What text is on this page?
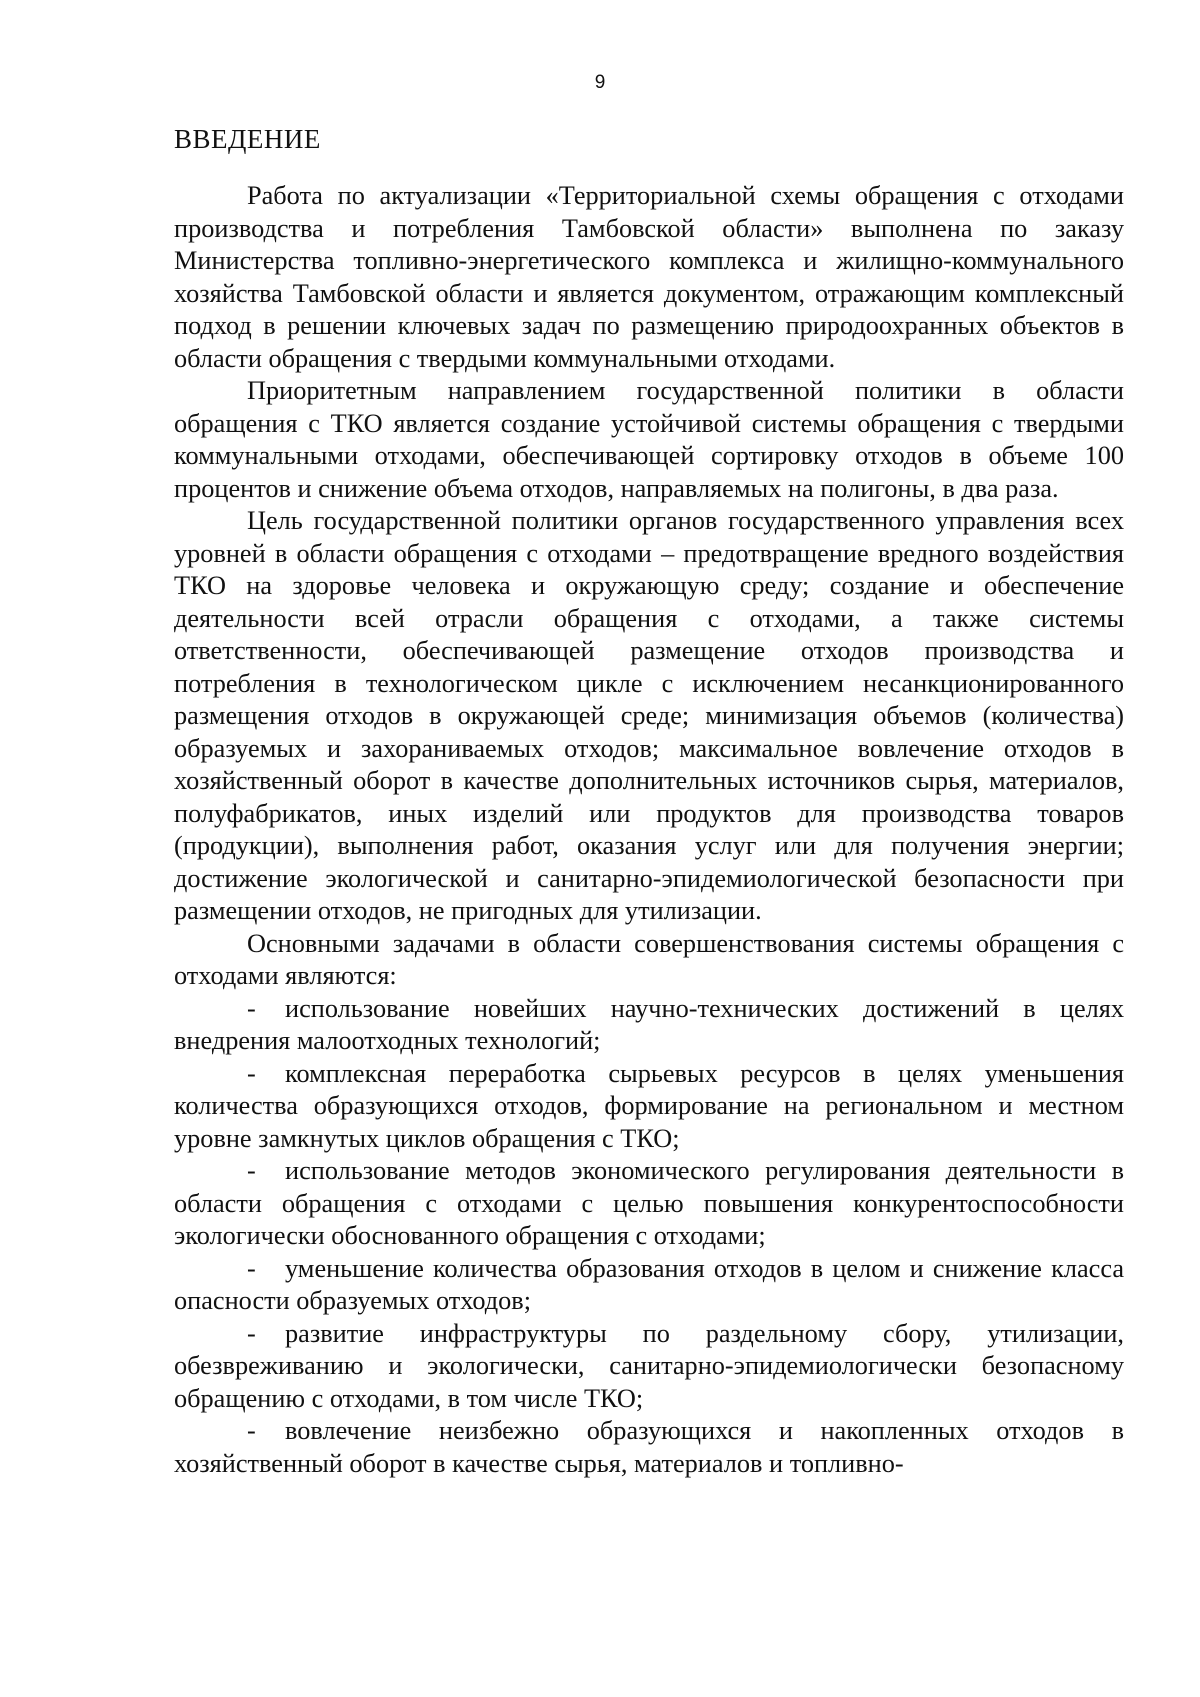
9
ВВЕДЕНИЕ

Работа по актуализации «Территориальной схемы обращения с отходами производства и потребления Тамбовской области» выполнена по заказу Министерства топливно-энергетического комплекса и жилищно-коммунального хозяйства Тамбовской области и является документом, отражающим комплексный подход в решении ключевых задач по размещению природоохранных объектов в области обращения с твердыми коммунальными отходами.

Приоритетным направлением государственной политики в области обращения с ТКО является создание устойчивой системы обращения с твердыми коммунальными отходами, обеспечивающей сортировку отходов в объеме 100 процентов и снижение объема отходов, направляемых на полигоны, в два раза.

Цель государственной политики органов государственного управления всех уровней в области обращения с отходами – предотвращение вредного воздействия ТКО на здоровье человека и окружающую среду; создание и обеспечение деятельности всей отрасли обращения с отходами, а также системы ответственности, обеспечивающей размещение отходов производства и потребления в технологическом цикле с исключением несанкционированного размещения отходов в окружающей среде; минимизация объемов (количества) образуемых и захораниваемых отходов; максимальное вовлечение отходов в хозяйственный оборот в качестве дополнительных источников сырья, материалов, полуфабрикатов, иных изделий или продуктов для производства товаров (продукции), выполнения работ, оказания услуг или для получения энергии; достижение экологической и санитарно-эпидемиологической безопасности при размещении отходов, не пригодных для утилизации.

Основными задачами в области совершенствования системы обращения с отходами являются:

- использование новейших научно-технических достижений в целях внедрения малоотходных технологий;

- комплексная переработка сырьевых ресурсов в целях уменьшения количества образующихся отходов, формирование на региональном и местном уровне замкнутых циклов обращения с ТКО;

- использование методов экономического регулирования деятельности в области обращения с отходами с целью повышения конкурентоспособности экологически обоснованного обращения с отходами;

- уменьшение количества образования отходов в целом и снижение класса опасности образуемых отходов;

- развитие инфраструктуры по раздельному сбору, утилизации, обезвреживанию и экологически, санитарно-эпидемиологически безопасному обращению с отходами, в том числе ТКО;

- вовлечение неизбежно образующихся и накопленных отходов в хозяйственный оборот в качестве сырья, материалов и топливно-
